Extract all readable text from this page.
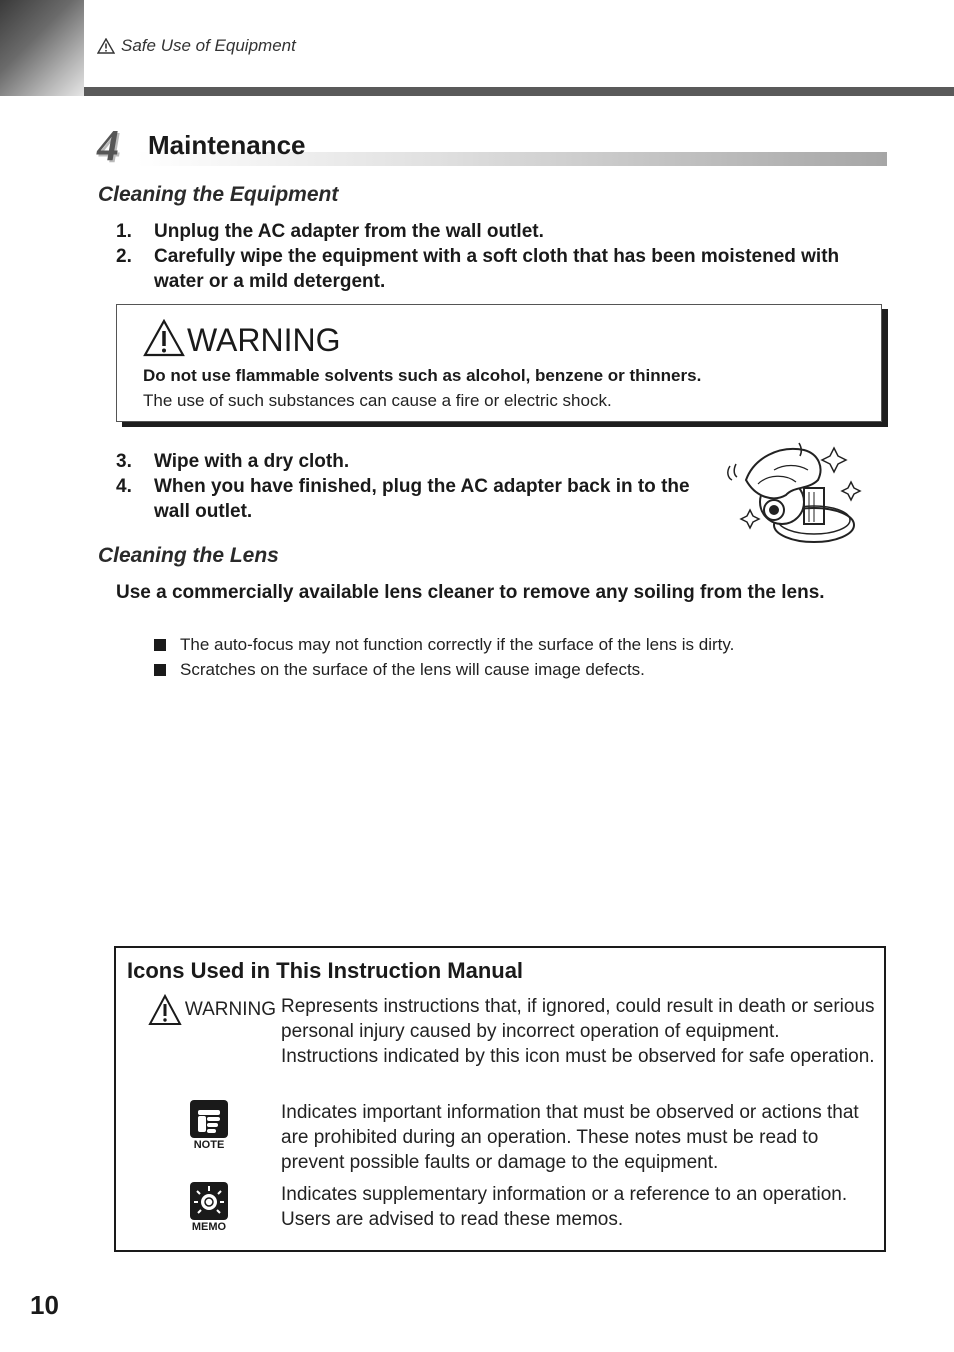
Safe Use of Equipment
4	Maintenance
Cleaning the Equipment
1.	Unplug the AC adapter from the wall outlet.
2.	Carefully wipe the equipment with a soft cloth that has been moistened with water or a mild detergent.
WARNING
Do not use flammable solvents such as alcohol, benzene or thinners.
The use of such substances can cause a fire or electric shock.
3.	Wipe with a dry cloth.
4.	When you have finished, plug the AC adapter back in to the wall outlet.
Cleaning the Lens
Use a commercially available lens cleaner to remove any soiling from the lens.
The auto-focus may not function correctly if the surface of the lens is dirty.
Scratches on the surface of the lens will cause image defects.
Icons Used in This Instruction Manual
WARNING Represents instructions that, if ignored, could result in death or serious personal injury caused by incorrect operation of equipment. Instructions indicated by this icon must be observed for safe operation.
NOTE
Indicates important information that must be observed or actions that are prohibited during an operation. These notes must be read to prevent possible faults or damage to the equipment.
MEMO
Indicates supplementary information or a reference to an operation. Users are advised to read these memos.
10
